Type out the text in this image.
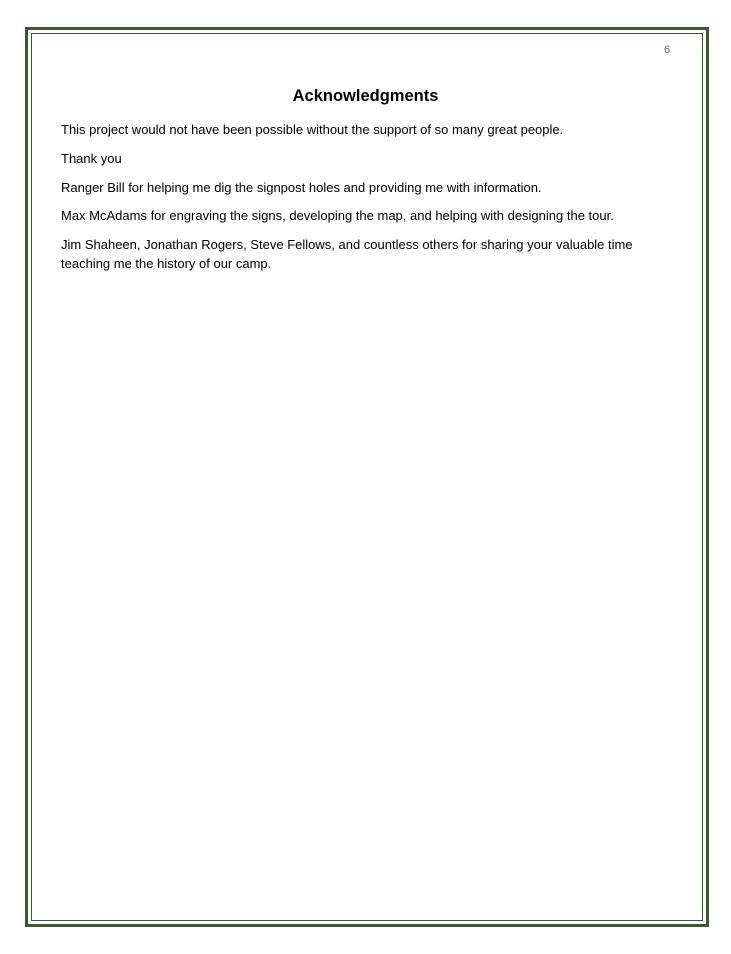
6
Acknowledgments

This project would not have been possible without the support of so many great people.

Thank you

Ranger Bill for helping me dig the signpost holes and providing me with information.

Max McAdams for engraving the signs, developing the map, and helping with designing the tour.

Jim Shaheen, Jonathan Rogers, Steve Fellows, and countless others for sharing your valuable time teaching me the history of our camp.
